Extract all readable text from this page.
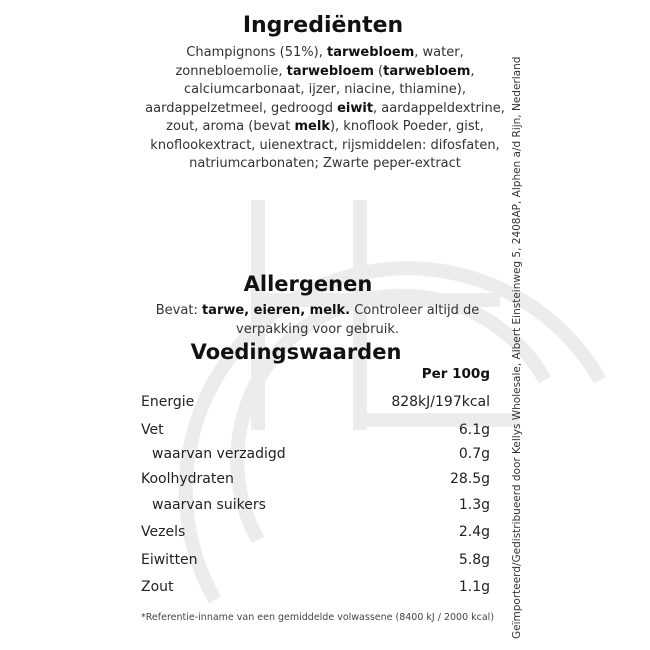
Ingrediënten
Champignons (51%), tarwebloem, water, zonnebloemolie, tarwebloem (tarwebloem, calciumcarbonaat, ijzer, niacine, thiamine), aardappelzetmeel, gedroogd eiwit, aardappeldextrine, zout, aroma (bevat melk), knoflook Poeder, gist, knoflookextract, uienextract, rijsmiddelen: difosfaten, natriumcarbonaten; Zwarte peper-extract
Allergenen
Bevat: tarwe, eieren, melk. Controleer altijd de verpakking voor gebruik.
Voedingswaarden
Per 100g
Energie	828kJ/197kcal
Vet	6.1g
waarvan verzadigd	0.7g
Koolhydraten	28.5g
waarvan suikers	1.3g
Vezels	2.4g
Eiwitten	5.8g
Zout	1.1g
*Referentie-inname van een gemiddelde volwassene (8400 kJ / 2000 kcal) Geïmporteerd/Gedistribueerd door Kellys Wholesale, Albert Einsteinweg 5, 2408AP, Alphen a/d Rijn, Nederland
